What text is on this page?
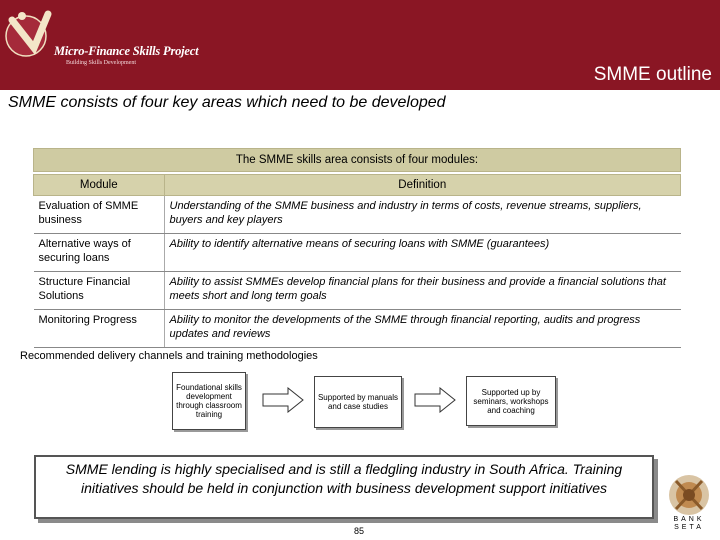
Micro-Finance Skills Project
Building Skills Development
SMME outline
SMME consists of four key areas which need to be developed
The SMME skills area consists of four modules:
Module	Definition
Evaluation of SMME business	Understanding of the SMME business and industry in terms of costs, revenue streams, suppliers, buyers and key players
Alternative ways of securing loans	Ability to identify alternative means of securing loans with SMME (guarantees)
Structure Financial Solutions	Ability to assist SMMEs develop financial plans for their business and provide a financial solutions that meets short and long term goals
Monitoring Progress	Ability to monitor the developments of the SMME through financial reporting, audits and progress updates and reviews
Recommended delivery channels and training methodologies
Foundational skills development through classroom training
Supported by manuals and case studies
Supported up by seminars, workshops and coaching
SMME lending is highly specialised and is still a fledgling industry in South Africa. Training initiatives should be held in conjunction with business development support initiatives
85
BANK SETA
